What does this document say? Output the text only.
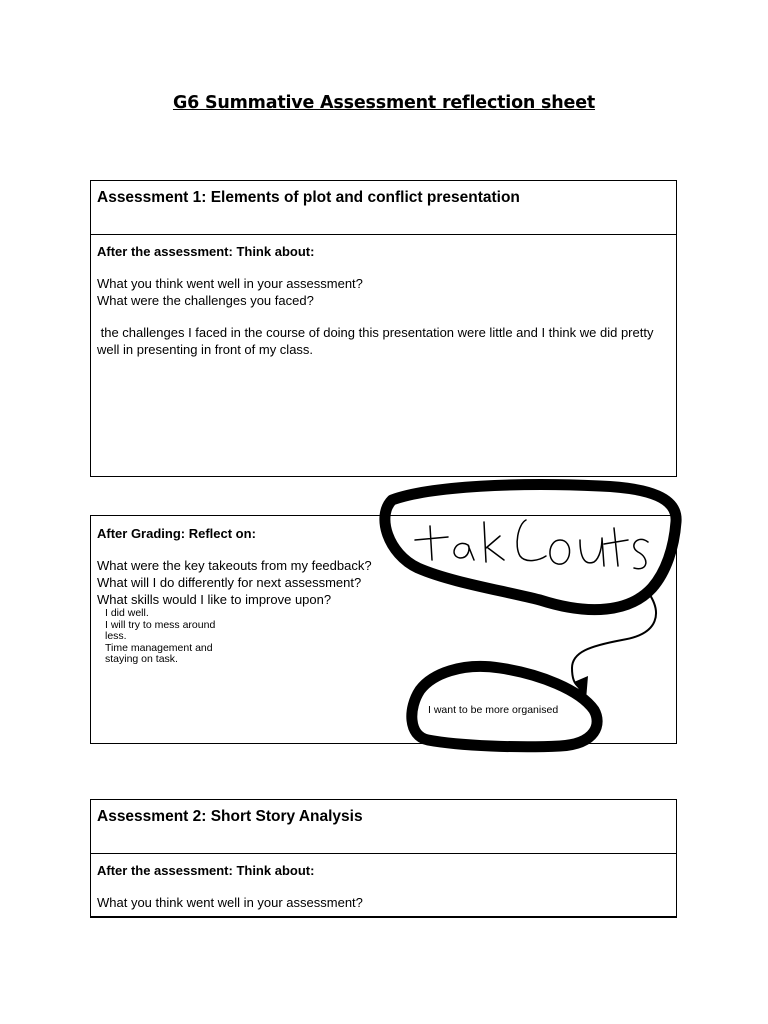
G6 Summative Assessment reflection sheet
Assessment 1: Elements of plot and conflict presentation
After the assessment: Think about:
What you think went well in your assessment?
What were the challenges you faced?
the challenges I faced in the course of doing this presentation were little and I think we did pretty well in presenting in front of my class.
After Grading: Reflect on:
What were the key takeouts from my feedback?
What will I do differently for next assessment?
What skills would I like to improve upon?
I did well.
I will try to mess around less.
Time management and staying on task.
Assessment 2: Short Story Analysis
After the assessment: Think about:
What you think went well in your assessment?
I want to be more organised
